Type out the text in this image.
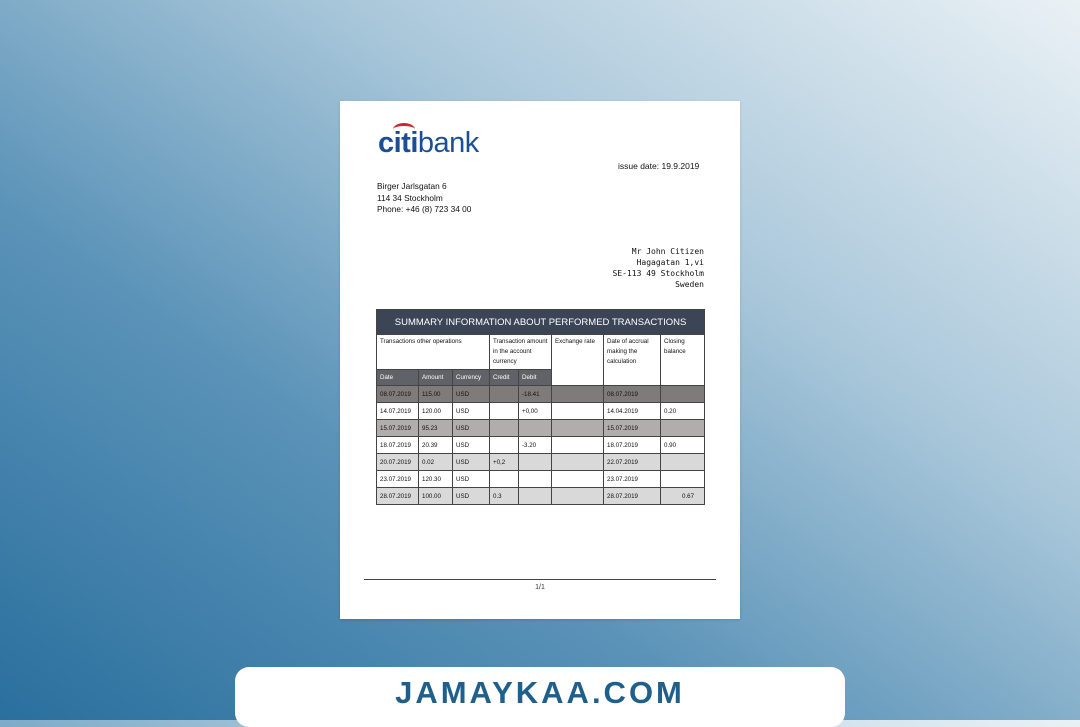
citibank
issue date: 19.9.2019
Birger Jarlsgatan 6
114 34 Stockholm
Phone: +46 (8) 723 34 00
Mr John Citizen
Hagagatan 1,vi
SE-113 49 Stockholm
Sweden
SUMMARY INFORMATION ABOUT PERFORMED TRANSACTIONS							
Transactions other operations			Transaction amount in the account currency		Exchange rate	Date of accrual making the calculation	Closing balance
Date	Amount	Currency	Credit	Debit			
08.07.2019	115.00	USD		-18.41		08.07.2019	
14.07.2019	120.00	USD		+0,00		14.04.2019	0.20
15.07.2019	95.23	USD				15.07.2019	
18.07.2019	20.39	USD		-3.20		18.07.2019	0.90
20.07.2019	0.02	USD	+0,2			22.07.2019	
23.07.2019	120.30	USD				23.07.2019	
28.07.2019	100.00	USD	0.3			28.07.2019	0.67
1/1
JAMAYKAA.COM
